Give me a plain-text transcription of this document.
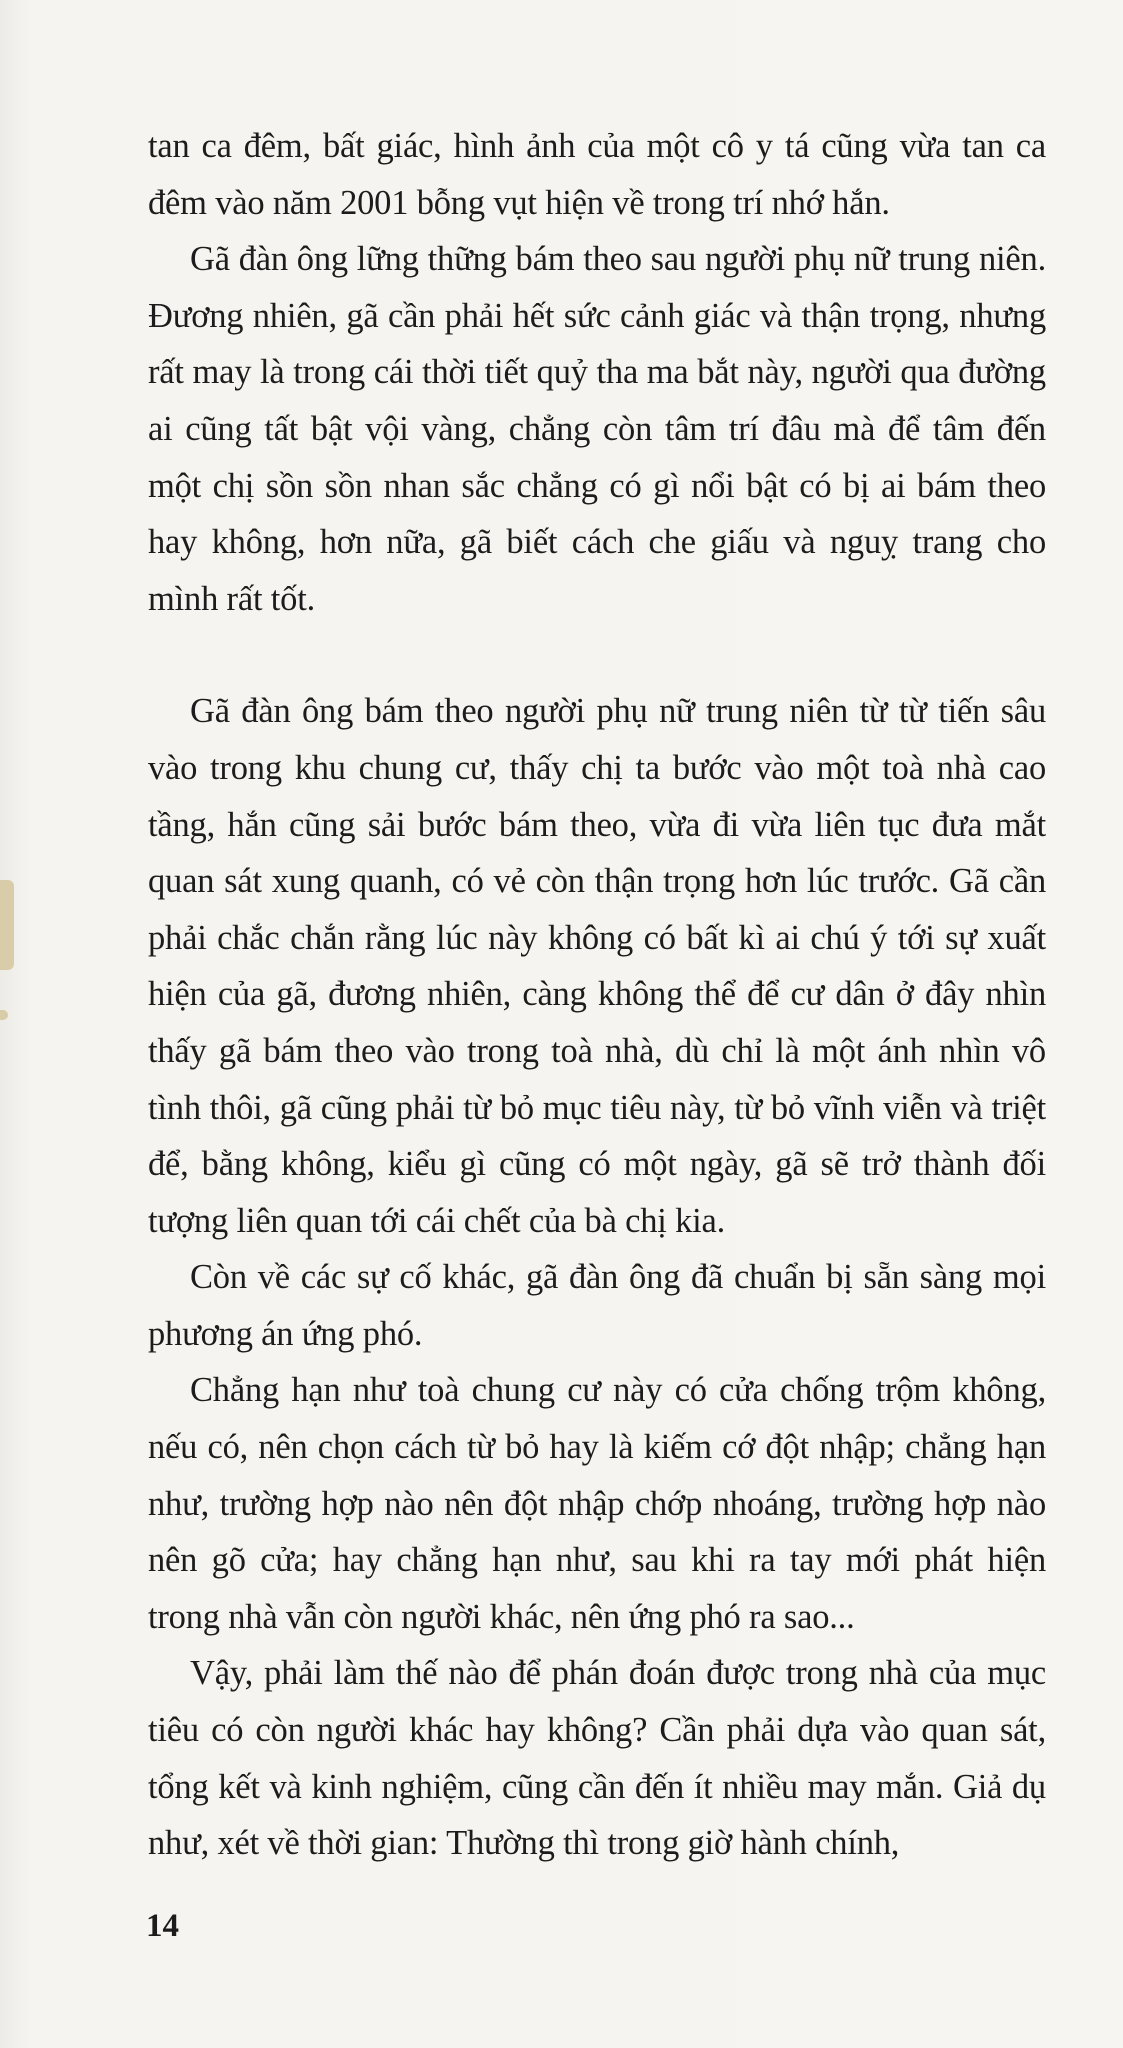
tan ca đêm, bất giác, hình ảnh của một cô y tá cũng vừa tan ca đêm vào năm 2001 bỗng vụt hiện về trong trí nhớ hắn.

Gã đàn ông lững thững bám theo sau người phụ nữ trung niên. Đương nhiên, gã cần phải hết sức cảnh giác và thận trọng, nhưng rất may là trong cái thời tiết quỷ tha ma bắt này, người qua đường ai cũng tất bật vội vàng, chẳng còn tâm trí đâu mà để tâm đến một chị sồn sồn nhan sắc chẳng có gì nổi bật có bị ai bám theo hay không, hơn nữa, gã biết cách che giấu và nguỵ trang cho mình rất tốt.

Gã đàn ông bám theo người phụ nữ trung niên từ từ tiến sâu vào trong khu chung cư, thấy chị ta bước vào một toà nhà cao tầng, hắn cũng sải bước bám theo, vừa đi vừa liên tục đưa mắt quan sát xung quanh, có vẻ còn thận trọng hơn lúc trước. Gã cần phải chắc chắn rằng lúc này không có bất kì ai chú ý tới sự xuất hiện của gã, đương nhiên, càng không thể để cư dân ở đây nhìn thấy gã bám theo vào trong toà nhà, dù chỉ là một ánh nhìn vô tình thôi, gã cũng phải từ bỏ mục tiêu này, từ bỏ vĩnh viễn và triệt để, bằng không, kiểu gì cũng có một ngày, gã sẽ trở thành đối tượng liên quan tới cái chết của bà chị kia.

Còn về các sự cố khác, gã đàn ông đã chuẩn bị sẵn sàng mọi phương án ứng phó.

Chẳng hạn như toà chung cư này có cửa chống trộm không, nếu có, nên chọn cách từ bỏ hay là kiếm cớ đột nhập; chẳng hạn như, trường hợp nào nên đột nhập chớp nhoáng, trường hợp nào nên gõ cửa; hay chẳng hạn như, sau khi ra tay mới phát hiện trong nhà vẫn còn người khác, nên ứng phó ra sao...

Vậy, phải làm thế nào để phán đoán được trong nhà của mục tiêu có còn người khác hay không? Cần phải dựa vào quan sát, tổng kết và kinh nghiệm, cũng cần đến ít nhiều may mắn. Giả dụ như, xét về thời gian: Thường thì trong giờ hành chính,

14
